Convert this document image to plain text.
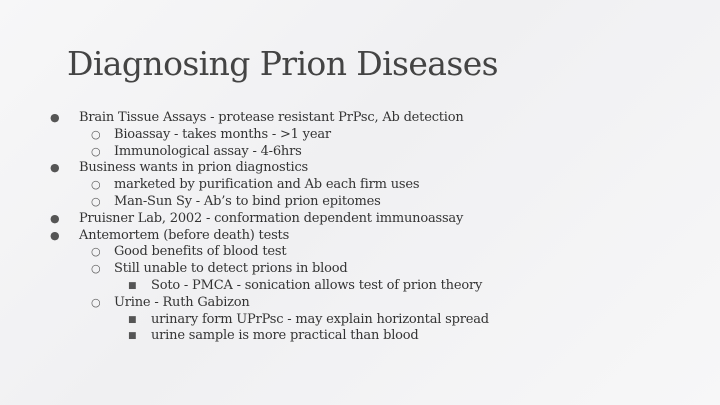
Diagnosing Prion Diseases
● Brain Tissue Assays - protease resistant PrPsc, Ab detection
○ Bioassay - takes months - >1 year
○ Immunological assay - 4-6hrs
● Business wants in prion diagnostics
○ marketed by purification and Ab each firm uses
○ Man-Sun Sy - Ab’s to bind prion epitomes
● Pruisner Lab, 2002 - conformation dependent immunoassay
● Antemortem (before death) tests
○ Good benefits of blood test
○ Still unable to detect prions in blood
■ Soto - PMCA - sonication allows test of prion theory
○ Urine - Ruth Gabizon
■ urinary form UPrPsc - may explain horizontal spread
■ urine sample is more practical than blood
